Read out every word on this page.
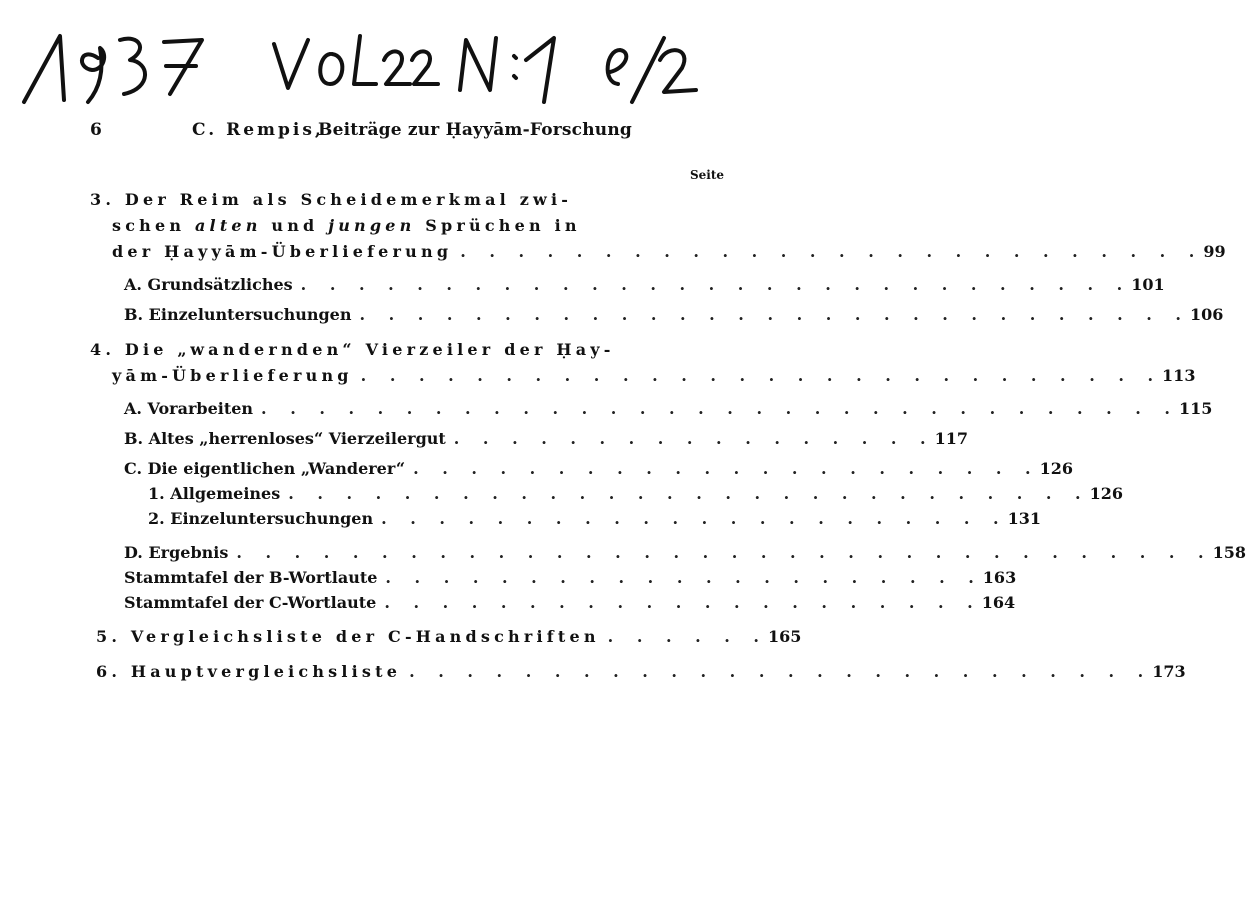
6	C. Rempis,
Beiträge zur Ḥayyām-Forschung
Seite
3. Der Reim als Scheidemerkmal zwi-
schen alten und jungen Sprüchen in
der Ḥayyām-Überlieferung . . . . . . . . . . . . . . . . . . . . . . . . . . 99
A. Grundsätzliches . . . . . . . . . . . . . . . . . . . . . . . . . . . . . 101
B. Einzeluntersuchungen . . . . . . . . . . . . . . . . . . . . . . . . . . . . . 106
4. Die „wandernden“ Vierzeiler der Ḥay-
yām-Überlieferung . . . . . . . . . . . . . . . . . . . . . . . . . . . . 113
A. Vorarbeiten . . . . . . . . . . . . . . . . . . . . . . . . . . . . . . . . 115
B. Altes „herrenloses“ Vierzeilergut . . . . . . . . . . . . . . . . . 117
C. Die eigentlichen „Wanderer“ . . . . . . . . . . . . . . . . . . . . . . 126
1. Allgemeines . . . . . . . . . . . . . . . . . . . . . . . . . . . . 126
2. Einzeluntersuchungen . . . . . . . . . . . . . . . . . . . . . . 131
D. Ergebnis . . . . . . . . . . . . . . . . . . . . . . . . . . . . . . . . . . 158
Stammtafel der B-Wortlaute . . . . . . . . . . . . . . . . . . . . . 163
Stammtafel der C-Wortlaute . . . . . . . . . . . . . . . . . . . . . 164
5. Vergleichsliste der C-Handschriften . . . . . . 165
6. Hauptvergleichsliste . . . . . . . . . . . . . . . . . . . . . . . . . . 173
